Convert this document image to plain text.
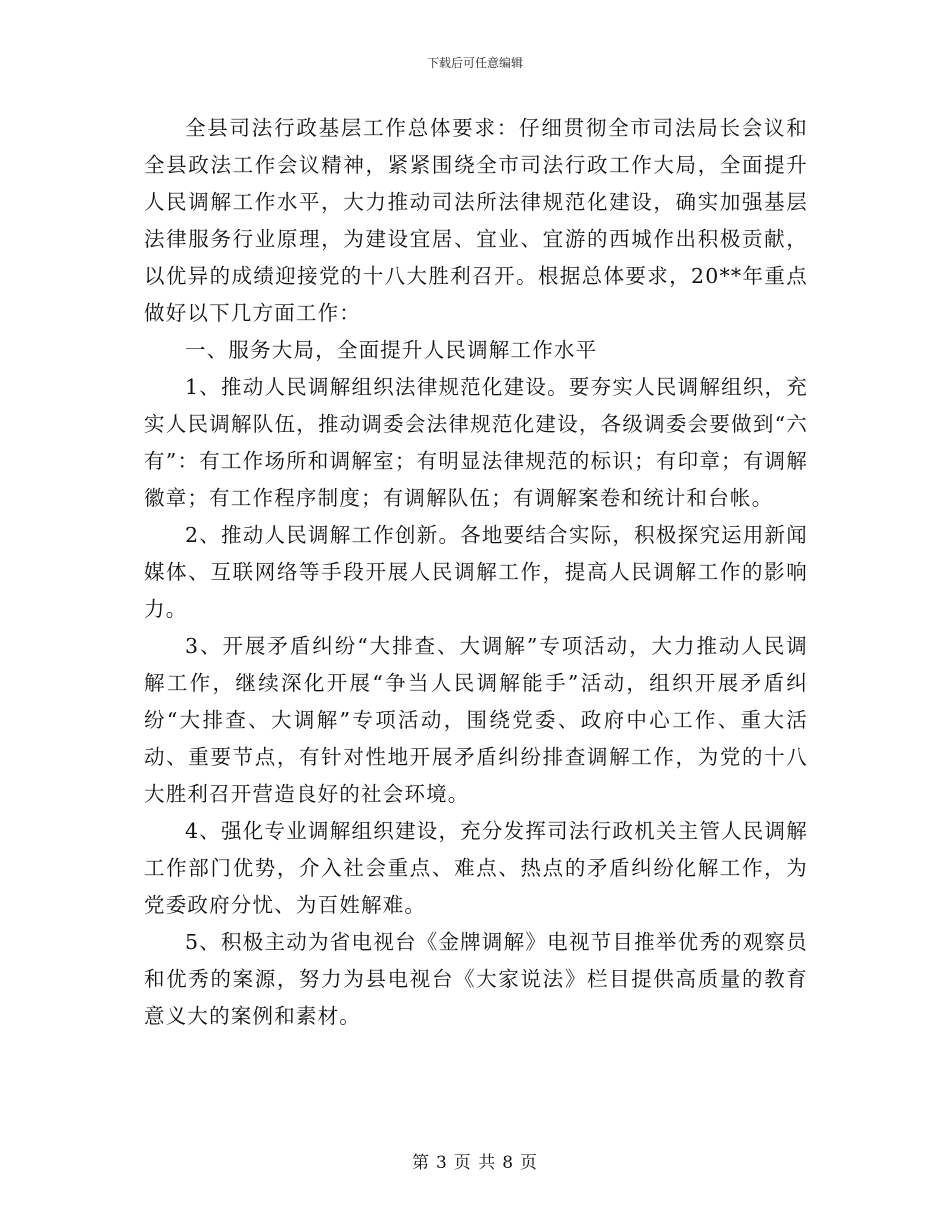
下载后可任意编辑

全县司法行政基层工作总体要求：仔细贯彻全市司法局长会议和全县政法工作会议精神，紧紧围绕全市司法行政工作大局，全面提升人民调解工作水平，大力推动司法所法律规范化建设，确实加强基层法律服务行业原理，为建设宜居、宜业、宜游的西城作出积极贡献，以优异的成绩迎接党的十八大胜利召开。根据总体要求，20**年重点做好以下几方面工作：

一、服务大局，全面提升人民调解工作水平

1、推动人民调解组织法律规范化建设。要夯实人民调解组织，充实人民调解队伍，推动调委会法律规范化建设，各级调委会要做到“六有”：有工作场所和调解室；有明显法律规范的标识；有印章；有调解徽章；有工作程序制度；有调解队伍；有调解案卷和统计和台帐。

2、推动人民调解工作创新。各地要结合实际，积极探究运用新闻媒体、互联网络等手段开展人民调解工作，提高人民调解工作的影响力。

3、开展矛盾纠纷“大排查、大调解”专项活动，大力推动人民调解工作，继续深化开展“争当人民调解能手”活动，组织开展矛盾纠纷“大排查、大调解”专项活动，围绕党委、政府中心工作、重大活动、重要节点，有针对性地开展矛盾纠纷排查调解工作，为党的十八大胜利召开营造良好的社会环境。

4、强化专业调解组织建设，充分发挥司法行政机关主管人民调解工作部门优势，介入社会重点、难点、热点的矛盾纠纷化解工作，为党委政府分忧、为百姓解难。

5、积极主动为省电视台《金牌调解》电视节目推举优秀的观察员和优秀的案源，努力为县电视台《大家说法》栏目提供高质量的教育意义大的案例和素材。

第 3 页 共 8 页
